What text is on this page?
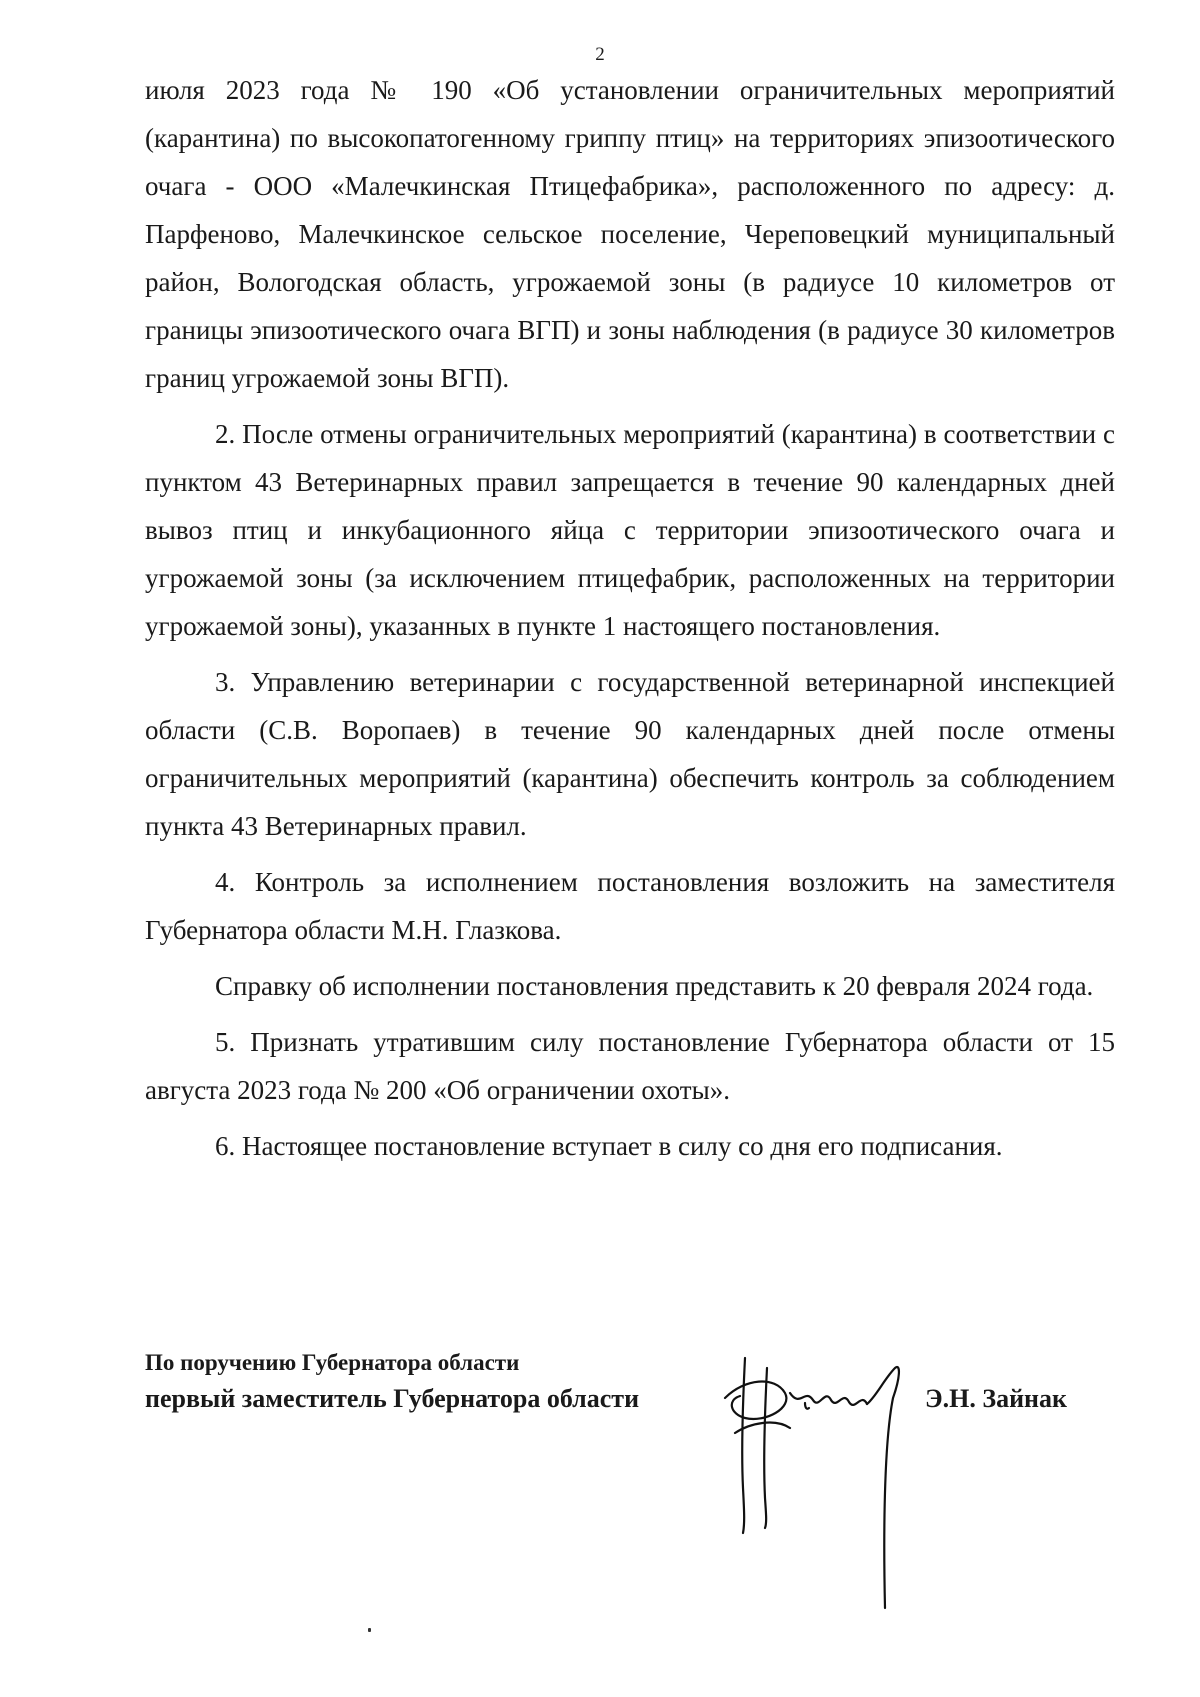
2

июля 2023 года № 190 «Об установлении ограничительных мероприятий (карантина) по высокопатогенному гриппу птиц» на территориях эпизоотического очага - ООО «Малечкинская Птицефабрика», расположенного по адресу: д. Парфеново, Малечкинское сельское поселение, Череповецкий муниципальный район, Вологодская область, угрожаемой зоны (в радиусе 10 километров от границы эпизоотического очага ВГП) и зоны наблюдения (в радиусе 30 километров границ угрожаемой зоны ВГП).

2. После отмены ограничительных мероприятий (карантина) в соответствии с пунктом 43 Ветеринарных правил запрещается в течение 90 календарных дней вывоз птиц и инкубационного яйца с территории эпизоотического очага и угрожаемой зоны (за исключением птицефабрик, расположенных на территории угрожаемой зоны), указанных в пункте 1 настоящего постановления.

3. Управлению ветеринарии с государственной ветеринарной инспекцией области (С.В. Воропаев) в течение 90 календарных дней после отмены ограничительных мероприятий (карантина) обеспечить контроль за соблюдением пункта 43 Ветеринарных правил.

4. Контроль за исполнением постановления возложить на заместителя Губернатора области М.Н. Глазкова.

Справку об исполнении постановления представить к 20 февраля 2024 года.

5. Признать утратившим силу постановление Губернатора области от 15 августа 2023 года № 200 «Об ограничении охоты».

6. Настоящее постановление вступает в силу со дня его подписания.

По поручению Губернатора области
первый заместитель Губернатора области	Э.Н. Зайнак
